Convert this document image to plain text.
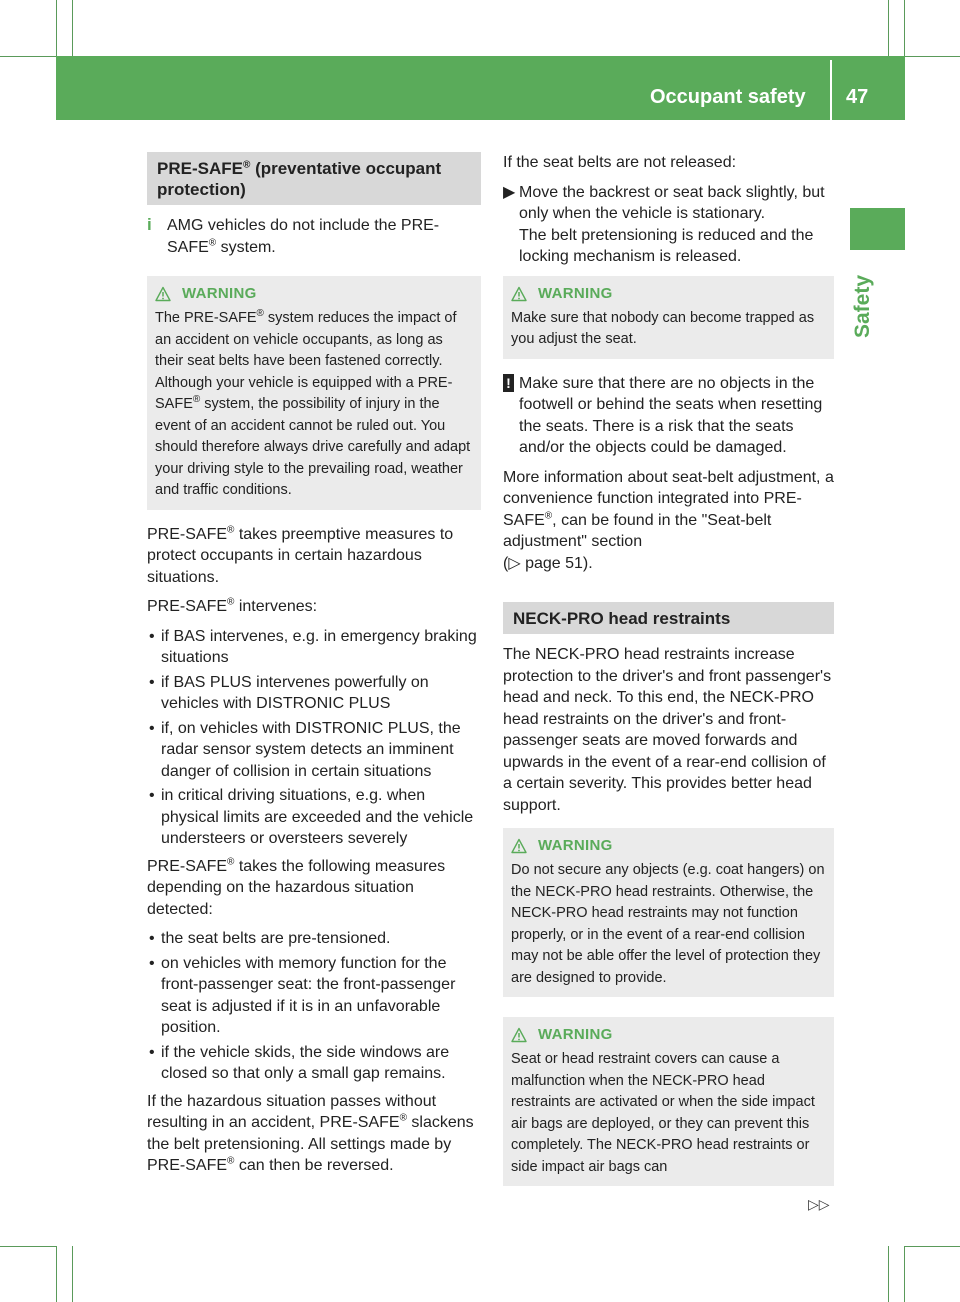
Occupant safety 47
Safety
PRE-SAFE® (preventative occupant protection)

i AMG vehicles do not include the PRE-SAFE® system.

WARNING
The PRE-SAFE® system reduces the impact of an accident on vehicle occupants, as long as their seat belts have been fastened correctly. Although your vehicle is equipped with a PRE-SAFE® system, the possibility of injury in the event of an accident cannot be ruled out. You should therefore always drive carefully and adapt your driving style to the prevailing road, weather and traffic conditions.

PRE-SAFE® takes preemptive measures to protect occupants in certain hazardous situations.

PRE-SAFE® intervenes:

• if BAS intervenes, e.g. in emergency braking situations
• if BAS PLUS intervenes powerfully on vehicles with DISTRONIC PLUS
• if, on vehicles with DISTRONIC PLUS, the radar sensor system detects an imminent danger of collision in certain situations
• in critical driving situations, e.g. when physical limits are exceeded and the vehicle understeers or oversteers severely

PRE-SAFE® takes the following measures depending on the hazardous situation detected:

• the seat belts are pre-tensioned.
• on vehicles with memory function for the front-passenger seat: the front-passenger seat is adjusted if it is in an unfavorable position.
• if the vehicle skids, the side windows are closed so that only a small gap remains.

If the hazardous situation passes without resulting in an accident, PRE-SAFE® slackens the belt pretensioning. All settings made by PRE-SAFE® can then be reversed.

If the seat belts are not released:

▶ Move the backrest or seat back slightly, but only when the vehicle is stationary.
The belt pretensioning is reduced and the locking mechanism is released.
WARNING
Make sure that nobody can become trapped as you adjust the seat.

! Make sure that there are no objects in the footwell or behind the seats when resetting the seats. There is a risk that the seats and/or the objects could be damaged.

More information about seat-belt adjustment, a convenience function integrated into PRE-SAFE®, can be found in the "Seat-belt adjustment" section
(▷ page 51).

NECK-PRO head restraints

The NECK-PRO head restraints increase protection to the driver's and front passenger's head and neck. To this end, the NECK-PRO head restraints on the driver's and front-passenger seats are moved forwards and upwards in the event of a rear-end collision of a certain severity. This provides better head support.

WARNING
Do not secure any objects (e.g. coat hangers) on the NECK-PRO head restraints. Otherwise, the NECK-PRO head restraints may not function properly, or in the event of a rear-end collision may not be able offer the level of protection they are designed to provide.
WARNING
Seat or head restraint covers can cause a malfunction when the NECK-PRO head restraints are activated or when the side impact air bags are deployed, or they can prevent this completely. The NECK-PRO head restraints or side impact air bags can
▷▷
